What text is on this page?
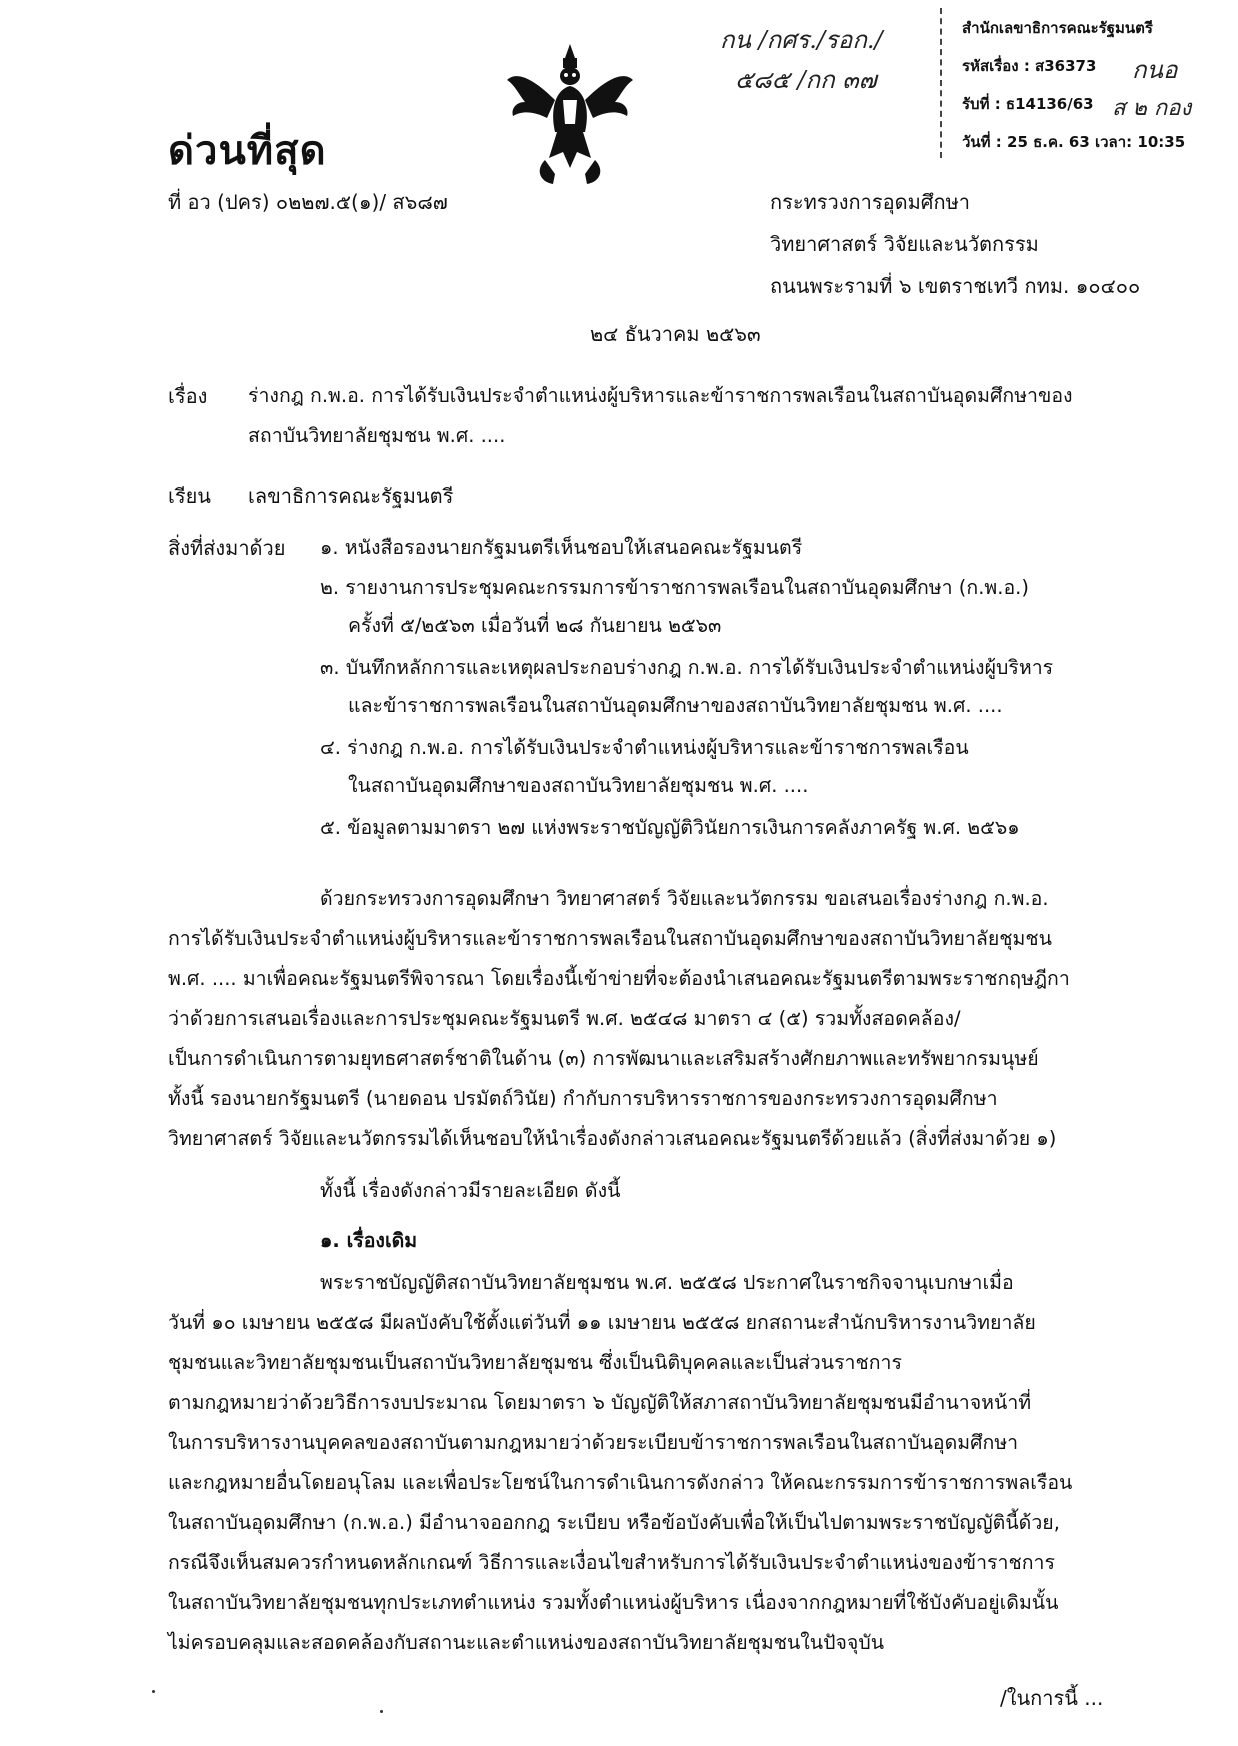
กน /กศร./รอก./
๕๘๕ /กก ๓๗
สำนักเลขาธิการคณะรัฐมนตรี
รหัสเรื่อง : ส36373
รับที่ : ธ14136/63
วันที่ : 25 ธ.ค. 63 เวลา: 10:35
กนอ
ส ๒ กอง
ด่วนที่สุด
ที่ อว (ปคร) ๐๒๒๗.๕(๑)/ ส๖๘๗	กระทรวงการอุดมศึกษา
วิทยาศาสตร์ วิจัยและนวัตกรรม
ถนนพระรามที่ ๖ เขตราชเทวี กทม. ๑๐๔๐๐
๒๔ ธันวาคม ๒๕๖๓
เรื่อง ร่างกฎ ก.พ.อ. การได้รับเงินประจำตำแหน่งผู้บริหารและข้าราชการพลเรือนในสถาบันอุดมศึกษาของ
สถาบันวิทยาลัยชุมชน พ.ศ. ....
เรียน เลขาธิการคณะรัฐมนตรี
สิ่งที่ส่งมาด้วย ๑. หนังสือรองนายกรัฐมนตรีเห็นชอบให้เสนอคณะรัฐมนตรี
๒. รายงานการประชุมคณะกรรมการข้าราชการพลเรือนในสถาบันอุดมศึกษา (ก.พ.อ.)
ครั้งที่ ๕/๒๕๖๓ เมื่อวันที่ ๒๘ กันยายน ๒๕๖๓
๓. บันทึกหลักการและเหตุผลประกอบร่างกฎ ก.พ.อ. การได้รับเงินประจำตำแหน่งผู้บริหาร
และข้าราชการพลเรือนในสถาบันอุดมศึกษาของสถาบันวิทยาลัยชุมชน พ.ศ. ....
๔. ร่างกฎ ก.พ.อ. การได้รับเงินประจำตำแหน่งผู้บริหารและข้าราชการพลเรือน
ในสถาบันอุดมศึกษาของสถาบันวิทยาลัยชุมชน พ.ศ. ....
๕. ข้อมูลตามมาตรา ๒๗ แห่งพระราชบัญญัติวินัยการเงินการคลังภาครัฐ พ.ศ. ๒๕๖๑
ด้วยกระทรวงการอุดมศึกษา วิทยาศาสตร์ วิจัยและนวัตกรรม ขอเสนอเรื่องร่างกฎ ก.พ.อ.
การได้รับเงินประจำตำแหน่งผู้บริหารและข้าราชการพลเรือนในสถาบันอุดมศึกษาของสถาบันวิทยาลัยชุมชน
พ.ศ. .... มาเพื่อคณะรัฐมนตรีพิจารณา โดยเรื่องนี้เข้าข่ายที่จะต้องนำเสนอคณะรัฐมนตรีตามพระราชกฤษฎีกา
ว่าด้วยการเสนอเรื่องและการประชุมคณะรัฐมนตรี พ.ศ. ๒๕๔๘ มาตรา ๔ (๕) รวมทั้งสอดคล้อง/
เป็นการดำเนินการตามยุทธศาสตร์ชาติในด้าน (๓) การพัฒนาและเสริมสร้างศักยภาพและทรัพยากรมนุษย์
ทั้งนี้ รองนายกรัฐมนตรี (นายดอน ปรมัตถ์วินัย) กำกับการบริหารราชการของกระทรวงการอุดมศึกษา
วิทยาศาสตร์ วิจัยและนวัตกรรมได้เห็นชอบให้นำเรื่องดังกล่าวเสนอคณะรัฐมนตรีด้วยแล้ว (สิ่งที่ส่งมาด้วย ๑)
ทั้งนี้ เรื่องดังกล่าวมีรายละเอียด ดังนี้
๑. เรื่องเดิม
พระราชบัญญัติสถาบันวิทยาลัยชุมชน พ.ศ. ๒๕๕๘ ประกาศในราชกิจจานุเบกษาเมื่อ
วันที่ ๑๐ เมษายน ๒๕๕๘ มีผลบังคับใช้ตั้งแต่วันที่ ๑๑ เมษายน ๒๕๕๘ ยกสถานะสำนักบริหารงานวิทยาลัย
ชุมชนและวิทยาลัยชุมชนเป็นสถาบันวิทยาลัยชุมชน ซึ่งเป็นนิติบุคคลและเป็นส่วนราชการ
ตามกฎหมายว่าด้วยวิธีการงบประมาณ โดยมาตรา ๖ บัญญัติให้สภาสถาบันวิทยาลัยชุมชนมีอำนาจหน้าที่
ในการบริหารงานบุคคลของสถาบันตามกฎหมายว่าด้วยระเบียบข้าราชการพลเรือนในสถาบันอุดมศึกษา
และกฎหมายอื่นโดยอนุโลม และเพื่อประโยชน์ในการดำเนินการดังกล่าว ให้คณะกรรมการข้าราชการพลเรือน
ในสถาบันอุดมศึกษา (ก.พ.อ.) มีอำนาจออกกฎ ระเบียบ หรือข้อบังคับเพื่อให้เป็นไปตามพระราชบัญญัตินี้ด้วย,
กรณีจึงเห็นสมควรกำหนดหลักเกณฑ์ วิธีการและเงื่อนไขสำหรับการได้รับเงินประจำตำแหน่งของข้าราชการ
ในสถาบันวิทยาลัยชุมชนทุกประเภทตำแหน่ง รวมทั้งตำแหน่งผู้บริหาร เนื่องจากกฎหมายที่ใช้บังคับอยู่เดิมนั้น
ไม่ครอบคลุมและสอดคล้องกับสถานะและตำแหน่งของสถาบันวิทยาลัยชุมชนในปัจจุบัน
/ในการนี้ ...
